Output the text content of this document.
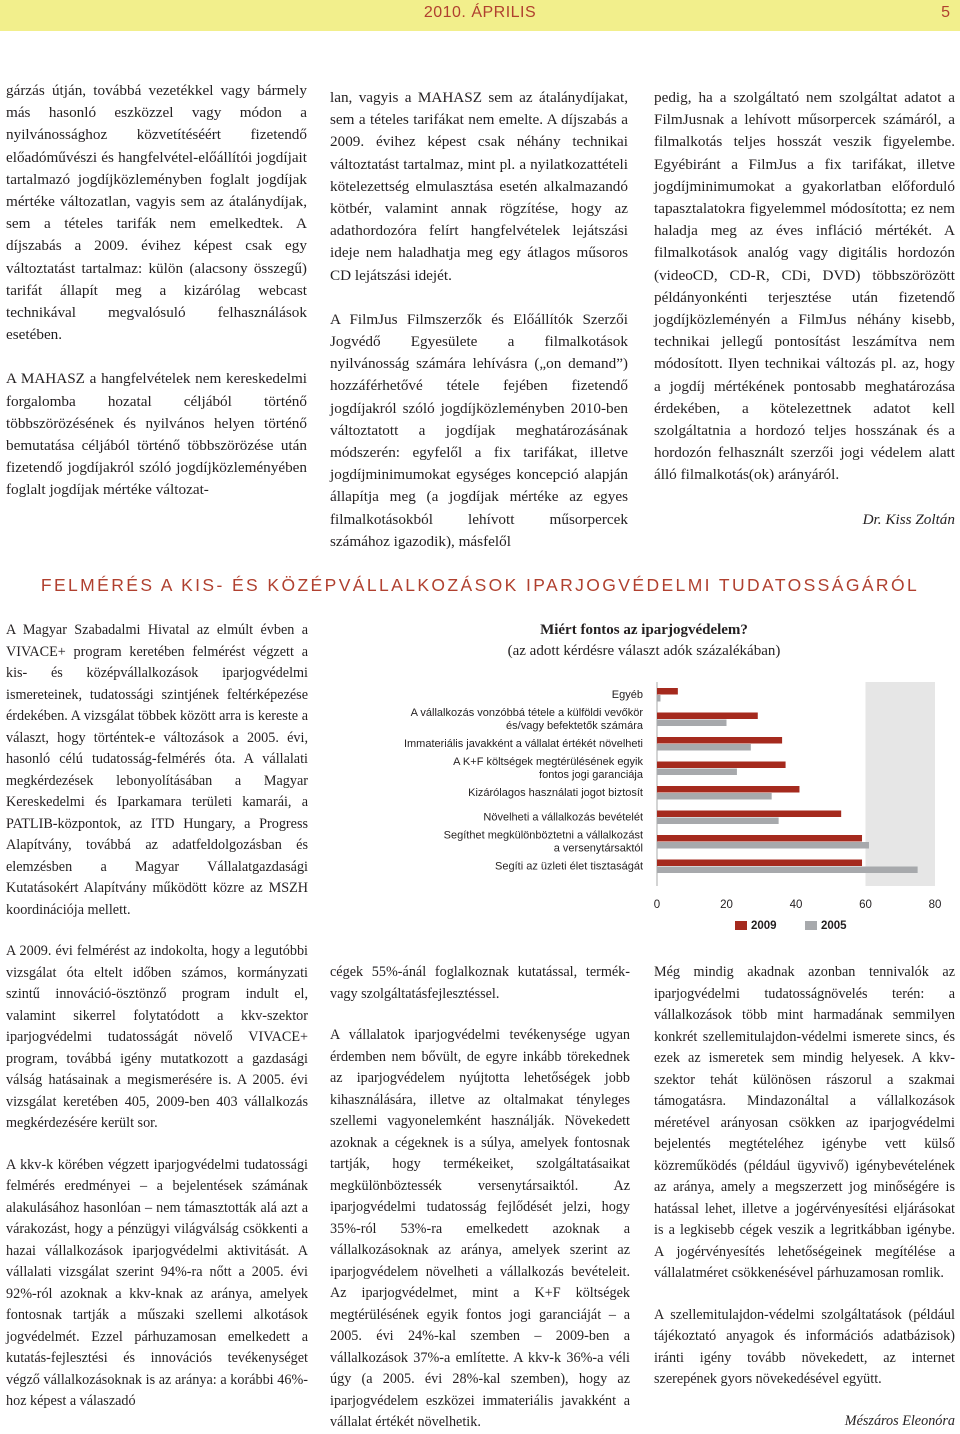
2010. ÁPRILIS	5

gárzás útján, továbbá vezetékkel vagy bármely más hasonló eszközzel vagy módon a nyilvánossághoz közvetítéséért fizetendő előadóművészi és hangfelvétel-előállítói jogdíjait tartalmazó jogdíjközleményben foglalt jogdíjak mértéke változatlan, vagyis sem az átalánydíjak, sem a tételes tarifák nem emelkedtek. A díjszabás a 2009. évihez képest csak egy változtatást tartalmaz: külön (alacsony összegű) tarifát állapít meg a kizárólag webcast technikával megvalósuló felhasználások esetében.

A MAHASZ a hangfelvételek nem kereskedelmi forgalomba hozatal céljából történő többszörözésének és nyilvános helyen történő bemutatása céljából történő többszörözése után fizetendő jogdíjakról szóló jogdíjközleményében foglalt jogdíjak mértéke változat-

lan, vagyis a MAHASZ sem az átalánydíjakat, sem a tételes tarifákat nem emelte. A díjszabás a 2009. évihez képest csak néhány technikai változtatást tartalmaz, mint pl. a nyilatkozattételi kötelezettség elmulasztása esetén alkalmazandó kötbér, valamint annak rögzítése, hogy az adathordozóra felírt hangfelvételek lejátszási ideje nem haladhatja meg egy átlagos műsoros CD lejátszási idejét.

A FilmJus Filmszerzők és Előállítók Szerzői Jogvédő Egyesülete a filmalkotások nyilvánosság számára lehívásra („on demand”) hozzáférhetővé tétele fejében fizetendő jogdíjakról szóló jogdíjközleményben 2010-ben változtatott a jogdíjak meghatározásának módszerén: egyfelől a fix tarifákat, illetve jogdíjminimumokat egységes koncepció alapján állapítja meg (a jogdíjak mértéke az egyes filmalkotásokból lehívott műsorpercek számához igazodik), másfelől

pedig, ha a szolgáltató nem szolgáltat adatot a FilmJusnak a lehívott műsorpercek számáról, a filmalkotás teljes hosszát veszik figyelembe. Egyébiránt a FilmJus a fix tarifákat, illetve jogdíjminimumokat a gyakorlatban előforduló tapasztalatokra figyelemmel módosította; ez nem haladja meg az éves infláció mértékét. A filmalkotások analóg vagy digitális hordozón (videoCD, CD-R, CDi, DVD) többszörözött példányonkénti terjesztése után fizetendő jogdíjközleményén a FilmJus néhány kisebb, technikai jellegű pontosítást leszámítva nem módosított. Ilyen technikai változás pl. az, hogy a jogdíj mértékének pontosabb meghatározása érdekében, a kötelezettnek adatot kell szolgáltatnia a hordozó teljes hosszának és a hordozón felhasznált szerzői jogi védelem alatt álló filmalkotás(ok) arányáról.

Dr. Kiss Zoltán

FELMÉRÉS A KIS- ÉS KÖZÉPVÁLLALKOZÁSOK IPARJOGVÉDELMI TUDATOSSÁGÁRÓL

A Magyar Szabadalmi Hivatal az elmúlt évben a VIVACE+ program keretében felmérést végzett a kis- és középvállalkozások iparjogvédelmi ismereteinek, tudatossági szintjének feltérképezése érdekében. A vizsgálat többek között arra is kereste a választ, hogy történtek-e változások a 2005. évi, hasonló célú tudatosság-felmérés óta. A vállalati megkérdezések lebonyolításában a Magyar Kereskedelmi és Iparkamara területi kamarái, a PATLIB-központok, az ITD Hungary, a Progress Alapítvány, továbbá az adatfeldolgozásban és elemzésben a Magyar Vállalatgazdasági Kutatásokért Alapítvány működött közre az MSZH koordinációja mellett.

A 2009. évi felmérést az indokolta, hogy a legutóbbi vizsgálat óta eltelt időben számos, kormányzati szintű innováció-ösztönző program indult el, valamint sikerrel folytatódott a kkv-szektor iparjogvédelmi tudatosságát növelő VIVACE+ program, továbbá igény mutatkozott a gazdasági válság hatásainak a megismerésére is. A 2005. évi vizsgálat keretében 405, 2009-ben 403 vállalkozás megkérdezésére került sor.

A kkv-k körében végzett iparjogvédelmi tudatossági felmérés eredményei – a bejelentések számának alakulásához hasonlóan – nem támasztották alá azt a várakozást, hogy a pénzügyi világválság csökkenti a hazai vállalkozások iparjogvédelmi aktivitását. A vállalati vizsgálat szerint 94%-ra nőtt a 2005. évi 92%-ról azoknak a kkv-knak az aránya, amelyek fontosnak tartják a műszaki szellemi alkotások jogvédelmét. Ezzel párhuzamosan emelkedett a kutatás-fejlesztési és innovációs tevékenységet végző vállalkozásoknak is az aránya: a korábbi 46%-hoz képest a válaszadó

Miért fontos az iparjogvédelem?
(az adott kérdésre választ adók százalékában)
Egyéb
A vállalkozás vonzóbbá tétele a külföldi vevőkör és/vagy befektetők számára
Immateriális javakként a vállalat értékét növelheti
A K+F költségek megtérülésének egyik fontos jogi garanciája
Kizárólagos használati jogot biztosít
Növelheti a vállalkozás bevételét
Segíthet megkülönböztetni a vállalkozást a versenytársaktól
Segíti az üzleti élet tisztaságát
0	20	40	60	80
2009	2005

cégek 55%-ánál foglalkoznak kutatással, termék- vagy szolgáltatásfejlesztéssel.

A vállalatok iparjogvédelmi tevékenysége ugyan érdemben nem bővült, de egyre inkább törekednek az iparjogvédelem nyújtotta lehetőségek jobb kihasználására, illetve az oltalmakat tényleges szellemi vagyonelemként használják. Növekedett azoknak a cégeknek is a súlya, amelyek fontosnak tartják, hogy termékeiket, szolgáltatásaikat megkülönböztessék versenytársaiktól. Az iparjogvédelmi tudatosság fejlődését jelzi, hogy 35%-ról 53%-ra emelkedett azoknak a vállalkozásoknak az aránya, amelyek szerint az iparjogvédelem növelheti a vállalkozás bevételeit. Az iparjogvédelmet, mint a K+F költségek megtérülésének egyik fontos jogi garanciáját – a 2005. évi 24%-kal szemben – 2009-ben a vállalkozások 37%-a említette. A kkv-k 36%-a véli úgy (a 2005. évi 28%-kal szemben), hogy az iparjogvédelem eszközei immateriális javakként a vállalat értékét növelhetik.

Még mindig akadnak azonban tennivalók az iparjogvédelmi tudatosságnövelés terén: a vállalkozások több mint harmadának semmilyen konkrét szellemitulajdon-védelmi ismerete sincs, és ezek az ismeretek sem mindig helyesek. A kkv-szektor tehát különösen rászorul a szakmai támogatásra. Mindazonáltal a vállalkozások méretével arányosan csökken az iparjogvédelmi bejelentés megtételéhez igénybe vett külső közreműködés (például ügyvivő) igénybevételének az aránya, amely a megszerzett jog minőségére is hatással lehet, illetve a jogérvényesítési eljárásokat is a legkisebb cégek veszik a legritkábban igénybe. A jogérvényesítés lehetőségeinek megítélése a vállalatméret csökkenésével párhuzamosan romlik.

A szellemitulajdon-védelmi szolgáltatások (például tájékoztató anyagok és információs adatbázisok) iránti igény tovább növekedett, az internet szerepének gyors növekedésével együtt.

Mészáros Eleonóra
